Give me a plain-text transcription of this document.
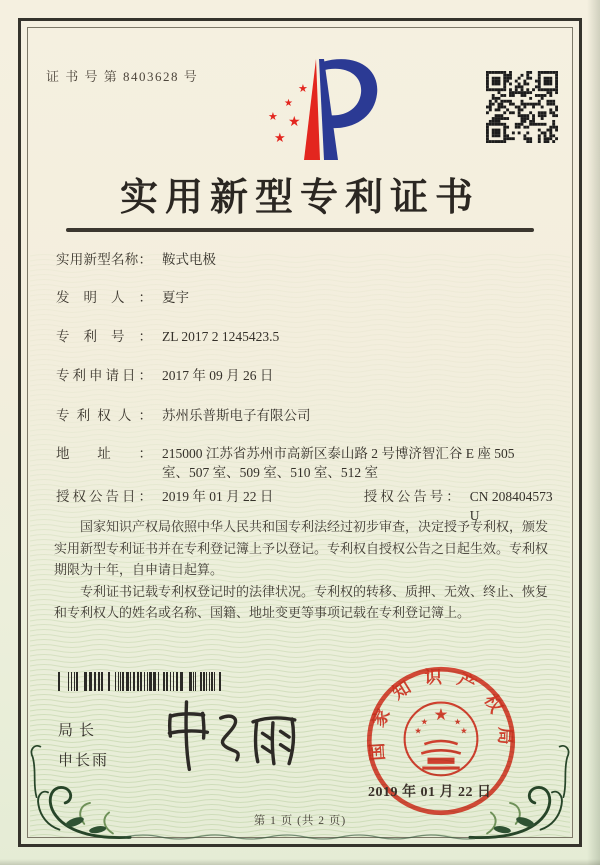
证 书 号 第 8403628 号
★
★
★ ★
★
实用新型专利证书
实用新型名称： 鞍式电极
发明人： 夏宇
专利号： ZL 2017 2 1245423.5
专利申请日： 2017 年 09 月 26 日
专利权人： 苏州乐普斯电子有限公司
地址： 215000 江苏省苏州市高新区泰山路 2 号博济智汇谷 E 座 505 室、507 室、509 室、510 室、512 室
授权公告日： 2019 年 01 月 22 日	授权公告号： CN 208404573 U

国家知识产权局依照中华人民共和国专利法经过初步审查，决定授予专利权，颁发实用新型专利证书并在专利登记簿上予以登记。专利权自授权公告之日起生效。专利权期限为十年，自申请日起算。

专利证书记载专利权登记时的法律状况。专利权的转移、质押、无效、终止、恢复和专利权人的姓名或名称、国籍、地址变更等事项记载在专利登记簿上。

局长
申长雨	国家知识产权局
★
★	★
★	★
2019 年 01 月 22 日
第 1 页 (共 2 页)
